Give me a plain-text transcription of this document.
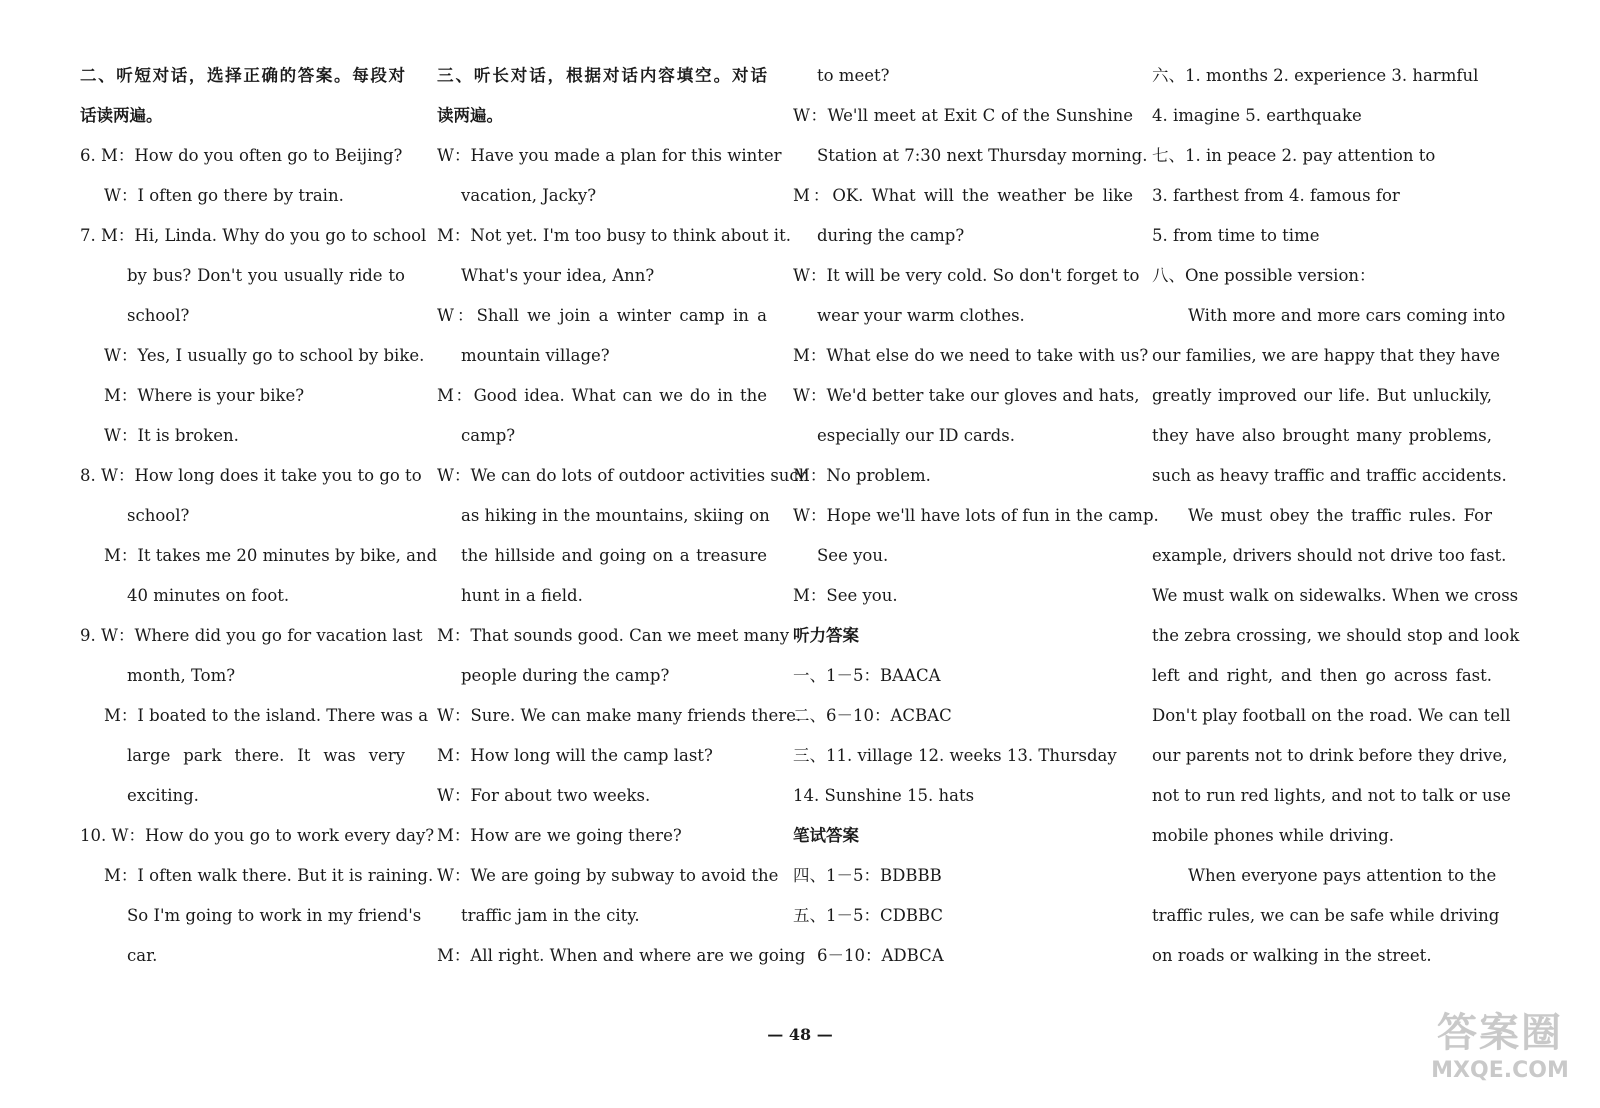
二、听短对话，选择正确的答案。每段对
话读两遍。
6. M：How do you often go to Beijing?
W：I often go there by train.
7. M：Hi, Linda. Why do you go to school
by bus? Don't you usually ride to
school?
W：Yes, I usually go to school by bike.
M：Where is your bike?
W：It is broken.
8. W：How long does it take you to go to
school?
M：It takes me 20 minutes by bike, and
40 minutes on foot.
9. W：Where did you go for vacation last
month, Tom?
M：I boated to the island. There was a
large park there. It was very
exciting.
10. W：How do you go to work every day?
M：I often walk there. But it is raining.
So I'm going to work in my friend's
car.
三、听长对话，根据对话内容填空。对话
读两遍。
W：Have you made a plan for this winter
vacation, Jacky?
M：Not yet. I'm too busy to think about it.
What's your idea, Ann?
W：Shall we join a winter camp in a
mountain village?
M：Good idea. What can we do in the
camp?
W：We can do lots of outdoor activities such
as hiking in the mountains, skiing on
the hillside and going on a treasure
hunt in a field.
M：That sounds good. Can we meet many
people during the camp?
W：Sure. We can make many friends there.
M：How long will the camp last?
W：For about two weeks.
M：How are we going there?
W：We are going by subway to avoid the
traffic jam in the city.
M：All right. When and where are we going
to meet?
W：We'll meet at Exit C of the Sunshine
Station at 7:30 next Thursday morning.
M：OK. What will the weather be like
during the camp?
W：It will be very cold. So don't forget to
wear your warm clothes.
M：What else do we need to take with us?
W：We'd better take our gloves and hats,
especially our ID cards.
M：No problem.
W：Hope we'll have lots of fun in the camp.
See you.
M：See you.
听力答案
一、1－5：BAACA
二、6－10：ACBAC
三、11. village 12. weeks 13. Thursday
14. Sunshine 15. hats
笔试答案
四、1－5：BDBBB
五、1－5：CDBBC
6－10：ADBCA
六、1. months 2. experience 3. harmful
4. imagine 5. earthquake
七、1. in peace 2. pay attention to
3. farthest from 4. famous for
5. from time to time
八、One possible version：
With more and more cars coming into
our families, we are happy that they have
greatly improved our life. But unluckily,
they have also brought many problems,
such as heavy traffic and traffic accidents.
We must obey the traffic rules. For
example, drivers should not drive too fast.
We must walk on sidewalks. When we cross
the zebra crossing, we should stop and look
left and right, and then go across fast.
Don't play football on the road. We can tell
our parents not to drink before they drive,
not to run red lights, and not to talk or use
mobile phones while driving.
When everyone pays attention to the
traffic rules, we can be safe while driving
on roads or walking in the street.
— 48 —	答案圈
MXQE.COM
